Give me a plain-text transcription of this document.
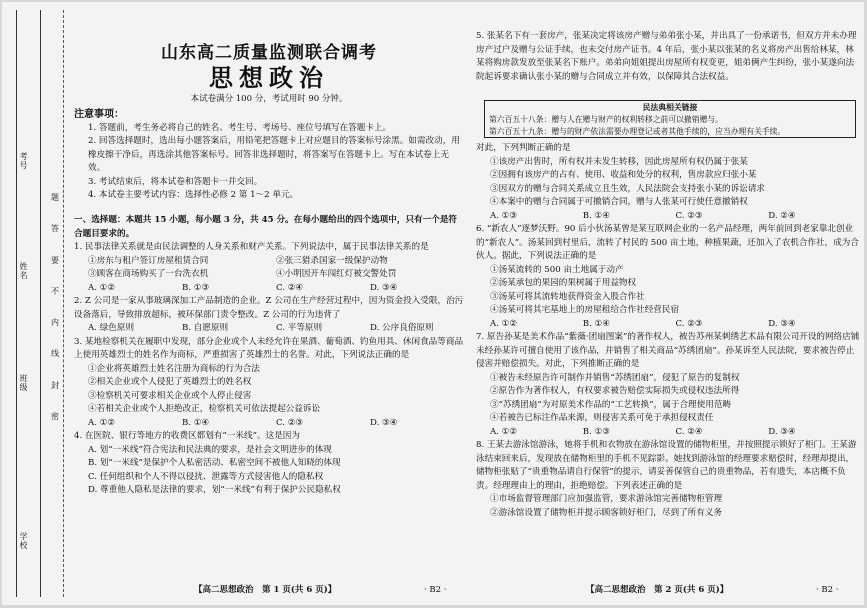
考号
姓名
班级
学校
题
答
要
不
内
线
封
密
山东高二质量监测联合调考
思想政治
本试卷满分 100 分，考试用时 90 分钟。

注意事项：

1. 答题前，考生务必将自己的姓名、考生号、考场号、座位号填写在答题卡上。

2. 回答选择题时，选出每小题答案后，用铅笔把答题卡上对应题目的答案标号涂黑。如需改动，用橡皮擦干净后，再选涂其他答案标号。回答非选择题时，将答案写在答题卡上。写在本试卷上无效。

3. 考试结束后，将本试卷和答题卡一并交回。

4. 本试卷主要考试内容：选择性必修 2 第 1～2 单元。

一、选择题：本题共 15 小题，每小题 3 分，共 45 分。在每小题给出的四个选项中，只有一个是符合题目要求的。

1. 民事法律关系就是由民法调整的人身关系和财产关系。下列说法中，属于民事法律关系的是

①房东与租户签订房屋租赁合同	②张三猎杀国家一级保护动物
③顾客在商场购买了一台洗衣机	④小明因开车闯红灯被交警处罚
A. ①②	B. ①③	C. ②④	D. ③④

2. Z 公司是一家从事玻璃深加工产品制造的企业。Z 公司在生产经营过程中，因为资金投入受限，治污设备落后，导致排放超标，被环保部门责令整改。Z 公司的行为违背了

A. 绿色原则	B. 自愿原则	C. 平等原则	D. 公序良俗原则

3. 某地检察机关在履职中发现，部分企业或个人未经允许在果酒、葡萄酒、钓鱼用具、休闲食品等商品上使用英雄烈士的姓名作为商标，严重损害了英雄烈士的名誉。对此，下列说法正确的是

①企业将英雄烈士姓名注册为商标的行为合法

②相关企业或个人侵犯了英雄烈士的姓名权

③检察机关可要求相关企业或个人停止侵害

④若相关企业或个人拒绝改正，检察机关可依法提起公益诉讼

A. ①②	B. ①④	C. ②③	D. ③④

4. 在医院、银行等地方的收费区都划有“一米线”。这是因为

A. 划“一米线”符合宪法和民法典的要求，是社会文明进步的体现

B. 划“一米线”是保护个人私密活动、私密空间不被他人知晓的体现

C. 任何组织和个人不得以侵扰、泄露等方式侵害他人的隐私权

D. 尊重他人隐私是法律的要求，划“一米线”有利于保护公民隐私权

【高二思想政治　第 1 页(共 6 页)】	· B2 ·

5. 张某名下有一套房产，张某决定将该房产赠与弟弟张小某，并出具了一份承诺书，但双方并未办理房产过户及赠与公证手续，也未交付房产证书。4 年后，张小某以张某的名义将房产出售给林某，林某将购房款发放至张某名下账户。弟弟向姐姐提出房屋所有权变更，姐弟俩产生纠纷，张小某遂向法院起诉要求确认张小某的赠与合同成立并有效，以保障其合法权益。

民法典相关链接
第六百五十八条：赠与人在赠与财产的权利转移之前可以撤销赠与。
第六百五十九条：赠与的财产依法需要办理登记或者其他手续的，应当办理有关手续。

对此，下列判断正确的是

①该房产出售时，所有权并未发生转移，因此房屋所有权仍属于张某

②因拥有该房产的占有、使用、收益和处分的权利，售房款应归张小某

③因双方的赠与合同关系成立且生效，人民法院会支持张小某的诉讼请求

④本案中的赠与合同属于可撤销合同，赠与人张某可行使任意撤销权

A. ①③	B. ①④	C. ②③	D. ②④

6. “新农人”逐梦沃野。90 后小伙汤某曾是某互联网企业的一名产品经理，两年前回到老家靠北创业的“新农人”。汤某回到村里后，流转了村民的 500 亩土地，种植果蔬，还加入了农机合作社，成为合伙人。据此，下列说法正确的是

①汤某流转的 500 亩土地属于动产

②汤某承包的果园的果树属于用益物权

③汤某可将其流转地获得资金入股合作社

④汤某可将其宅基地上的房屋租给合作社经营民宿

A. ①②	B. ①④	C. ②③	D. ③④

7. 原告孙某是美术作品“紫薇·团扇图案”的著作权人，被告苏州某刺绣艺术品有限公司开设的网络店铺未经孙某许可擅自使用了该作品，并销售了相关商品“苏绣团扇”。孙某诉至人民法院，要求被告停止侵害并赔偿损失。对此，下列推断正确的是

①被告未经原告许可制作并销售“苏绣团扇”，侵犯了原告的复制权

②原告作为著作权人，有权要求被告赔偿实际损失或侵权违法所得

③“苏绣团扇”为对原美术作品的“工艺转换”，属于合理使用范畴

④若被告已标注作品来源，则侵害关系可免于承担侵权责任

A. ①②	B. ①③	C. ②④	D. ③④

8. 王某去游泳馆游泳，她将手机和衣物放在游泳馆设置的储物柜里，并按照提示锁好了柜门。王某游泳结束回来后，发现放在储物柜里的手机不见踪影。她找到游泳馆的经理要求赔偿时，经理却提出，储物柜张贴了“贵重物品请自行保管”的提示，请妥善保管自己的贵重物品，若有遗失，本店概不负责。经理理由上的理由，拒绝赔偿。下列表述正确的是

①市场监督管理部门应加强监管，要求游泳馆完善储物柜管理

②游泳馆设置了储物柜并提示顾客锁好柜门，尽到了所有义务

【高二思想政治　第 2 页(共 6 页)】	· B2 ·
